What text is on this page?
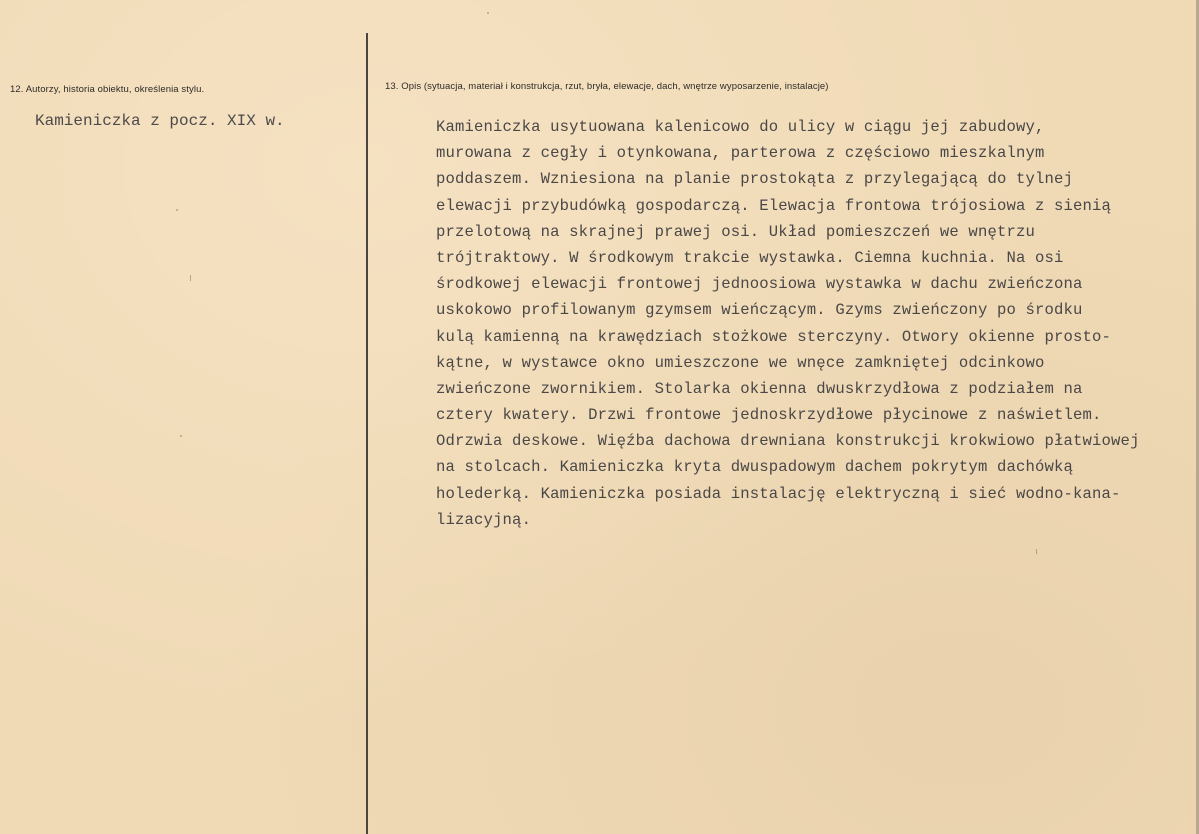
12. Autorzy, historia obiektu, określenia stylu.
Kamieniczka z pocz. XIX w.
13. Opis (sytuacja, materiał i konstrukcja, rzut, bryła, elewacje, dach, wnętrze wyposarzenie, instalacje)
Kamieniczka usytuowana kalenicowo do ulicy w ciągu jej zabudowy,
murowana z cegły i otynkowana, parterowa z częściowo mieszkalnym
poddaszem. Wzniesiona na planie prostokąta z przylegającą do tylnej
elewacji przybudówką gospodarczą. Elewacja frontowa trójosiowa z sienią
przelotową na skrajnej prawej osi. Układ pomieszczeń we wnętrzu
trójtraktowy. W środkowym trakcie wystawka. Ciemna kuchnia. Na osi
środkowej elewacji frontowej jednoosiowa wystawka w dachu zwieńczona
uskokowo profilowanym gzymsem wieńczącym. Gzyms zwieńczony po środku
kulą kamienną na krawędziach stożkowe sterczyny. Otwory okienne prosto-
kątne, w wystawce okno umieszczone we wnęce zamkniętej odcinkowo
zwieńczone zwornikiem. Stolarka okienna dwuskrzydłowa z podziałem na
cztery kwatery. Drzwi frontowe jednoskrzydłowe płycinowe z naświetlem.
Odrzwia deskowe. Więźba dachowa drewniana konstrukcji krokwiowo płatwiowej
na stolcach. Kamieniczka kryta dwuspadowym dachem pokrytym dachówką
holederką. Kamieniczka posiada instalację elektryczną i sieć wodno-kana-
lizacyjną.
